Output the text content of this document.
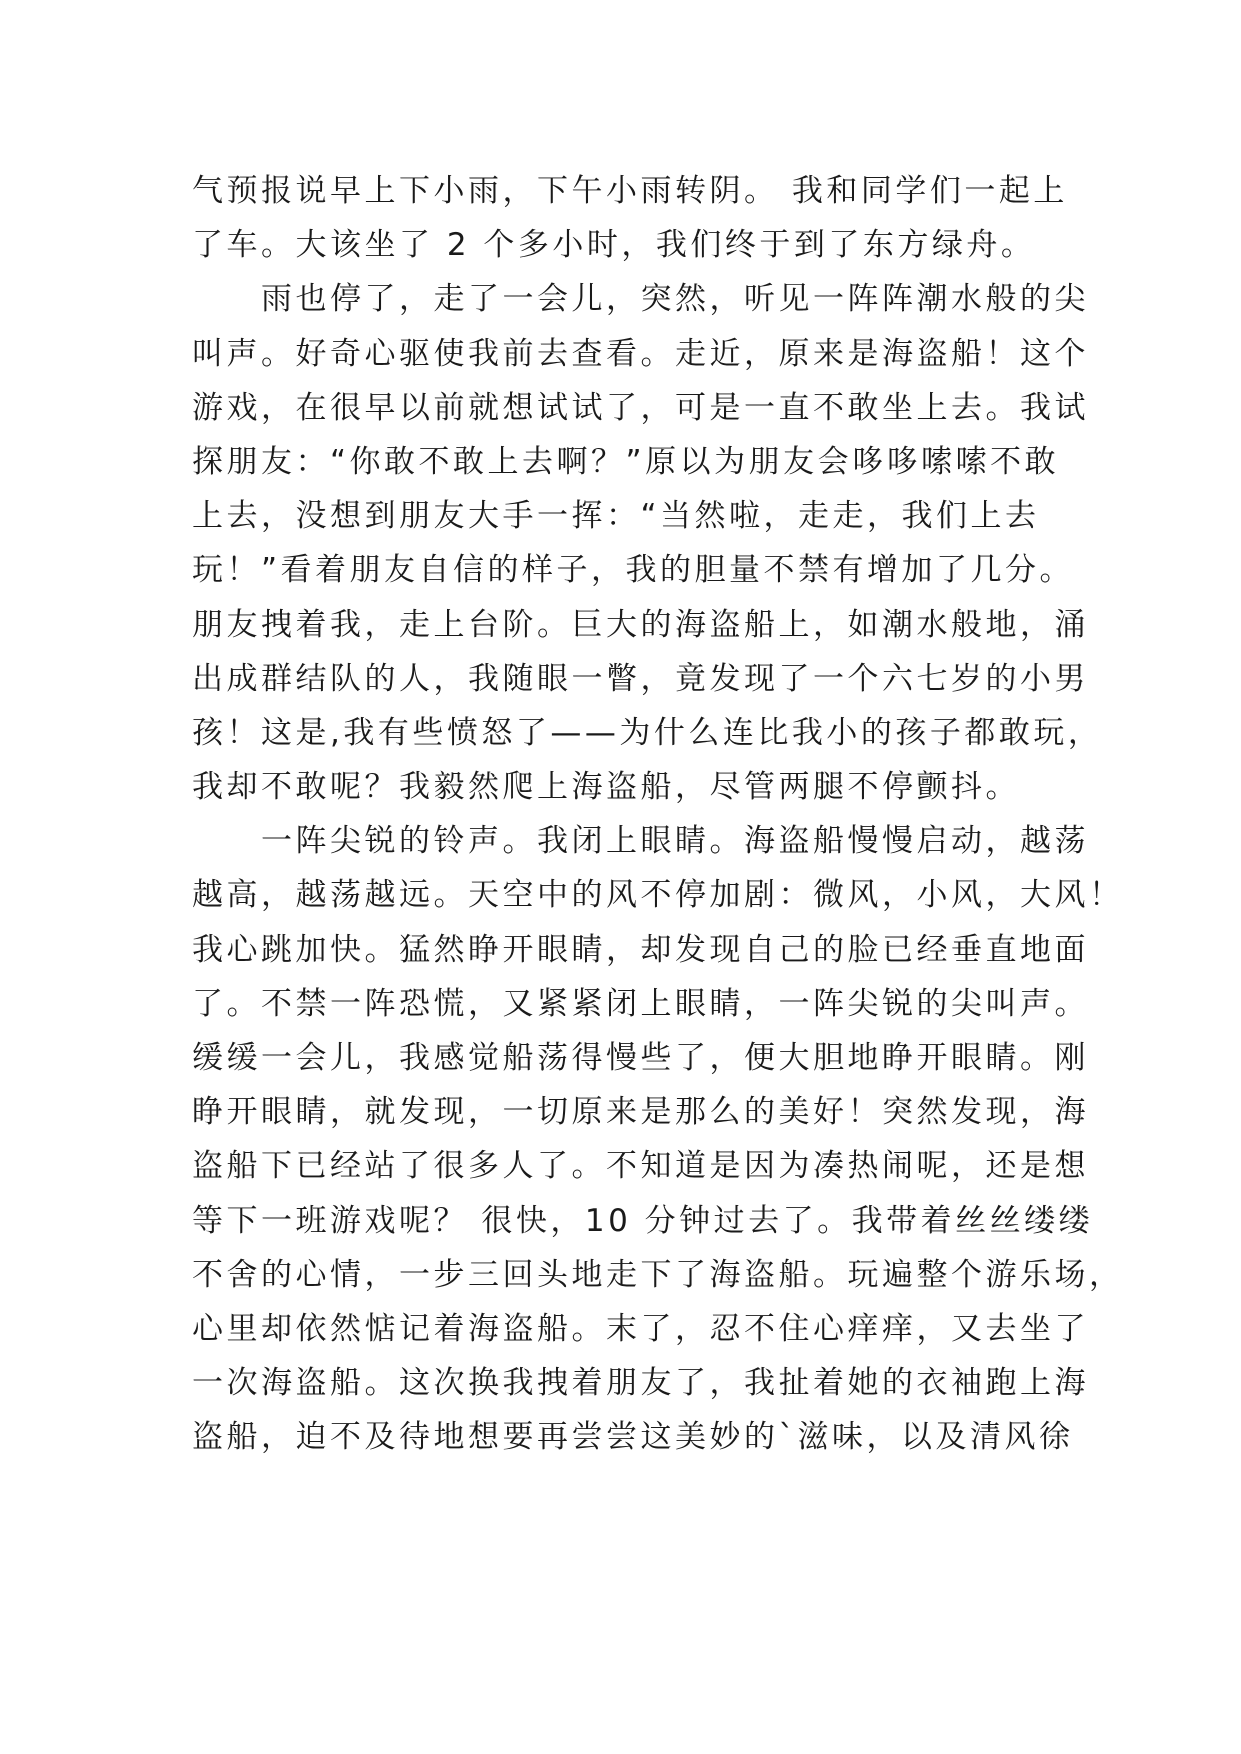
气预报说早上下小雨，下午小雨转阴。 我和同学们一起上
了车。大该坐了 2 个多小时，我们终于到了东方绿舟。
　　雨也停了，走了一会儿，突然，听见一阵阵潮水般的尖
叫声。好奇心驱使我前去查看。走近，原来是海盗船！这个
游戏，在很早以前就想试试了，可是一直不敢坐上去。我试
探朋友：“你敢不敢上去啊？”原以为朋友会哆哆嗦嗦不敢
上去，没想到朋友大手一挥：“当然啦，走走，我们上去
玩！”看着朋友自信的样子，我的胆量不禁有增加了几分。
朋友拽着我，走上台阶。巨大的海盗船上，如潮水般地，涌
出成群结队的人，我随眼一瞥，竟发现了一个六七岁的小男
孩！这是,我有些愤怒了——为什么连比我小的孩子都敢玩，
我却不敢呢？我毅然爬上海盗船，尽管两腿不停颤抖。
　　一阵尖锐的铃声。我闭上眼睛。海盗船慢慢启动，越荡
越高，越荡越远。天空中的风不停加剧：微风，小风，大风！
我心跳加快。猛然睁开眼睛，却发现自己的脸已经垂直地面
了。不禁一阵恐慌，又紧紧闭上眼睛，一阵尖锐的尖叫声。
缓缓一会儿，我感觉船荡得慢些了，便大胆地睁开眼睛。刚
睁开眼睛，就发现，一切原来是那么的美好！突然发现，海
盗船下已经站了很多人了。不知道是因为凑热闹呢，还是想
等下一班游戏呢？ 很快，10 分钟过去了。我带着丝丝缕缕
不舍的心情，一步三回头地走下了海盗船。玩遍整个游乐场，
心里却依然惦记着海盗船。末了，忍不住心痒痒，又去坐了
一次海盗船。这次换我拽着朋友了，我扯着她的衣袖跑上海
盗船，迫不及待地想要再尝尝这美妙的`滋味，以及清风徐
